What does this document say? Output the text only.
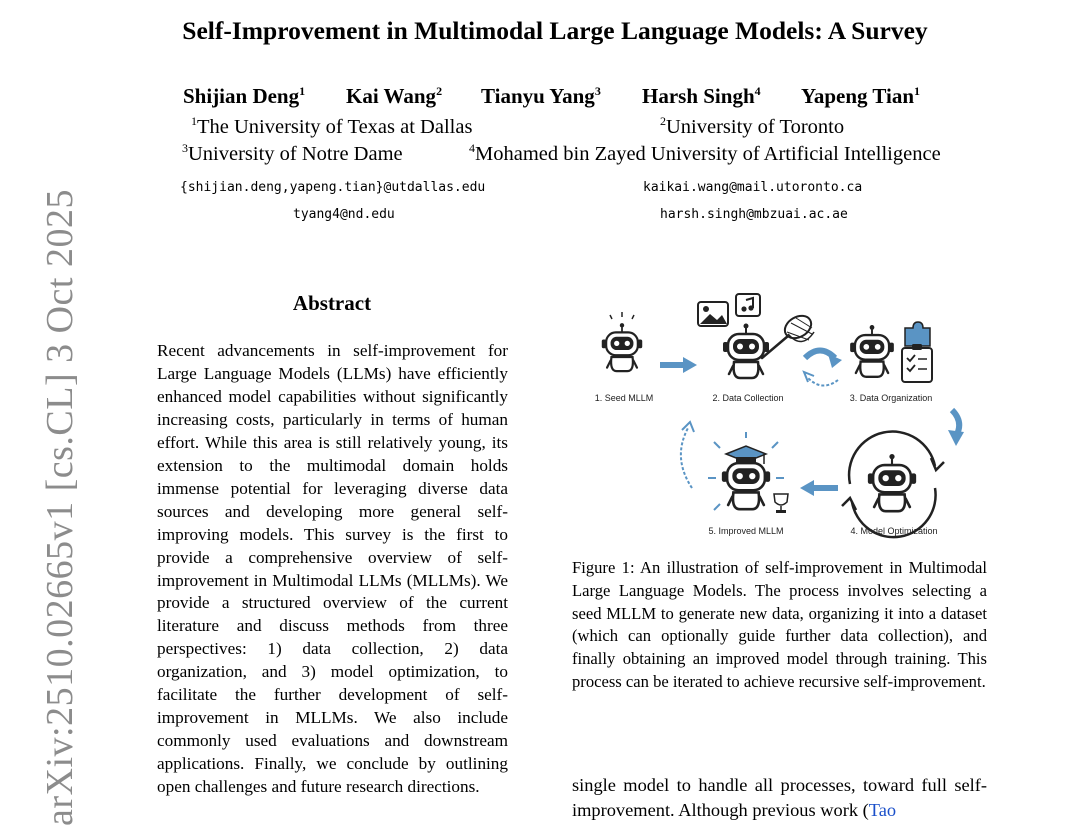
Self-Improvement in Multimodal Large Language Models: A Survey
Shijian Deng$^1$ Kai Wang$^2$ Tianyu Yang$^3$ Harsh Singh$^4$ Yapeng Tian$^1$
$^1$The University of Texas at Dallas	$^2$University of Toronto
$^3$University of Notre Dame	$^4$Mohamed bin Zayed University of Artificial Intelligence
{shijian.deng,yapeng.tian}@utdallas.edu
tyang4@nd.edu
kaikai.wang@mail.utoronto.ca
harsh.singh@mbzuai.ac.ae
arXiv:2510.02665v1 [cs.CL] 3 Oct 2025	Abstract
Recent advancements in self-improvement for Large Language Models (LLMs) have efficiently enhanced model capabilities without significantly increasing costs, particularly in terms of human effort. While this area is still relatively young, its extension to the multimodal domain holds immense potential for leveraging diverse data sources and developing more general self-improving models. This survey is the first to provide a comprehensive overview of self-improvement in Multimodal LLMs (MLLMs). We provide a structured overview of the current literature and discuss methods from three perspectives: 1) data collection, 2) data organization, and 3) model optimization, to facilitate the further development of self-improvement in MLLMs. We also include commonly used evaluations and downstream applications. Finally, we conclude by outlining open challenges and future research directions.
1. Seed MLLM	2. Data Collection	3. Data Organization
4. Model Optimization
5. Improved MLLM
Figure 1: An illustration of self-improvement in Multimodal Large Language Models. The process involves selecting a seed MLLM to generate new data, organizing it into a dataset (which can optionally guide further data collection), and finally obtaining an improved model through training. This process can be iterated to achieve recursive self-improvement.
single model to handle all processes, toward full self-improvement. Although previous work (Tao
